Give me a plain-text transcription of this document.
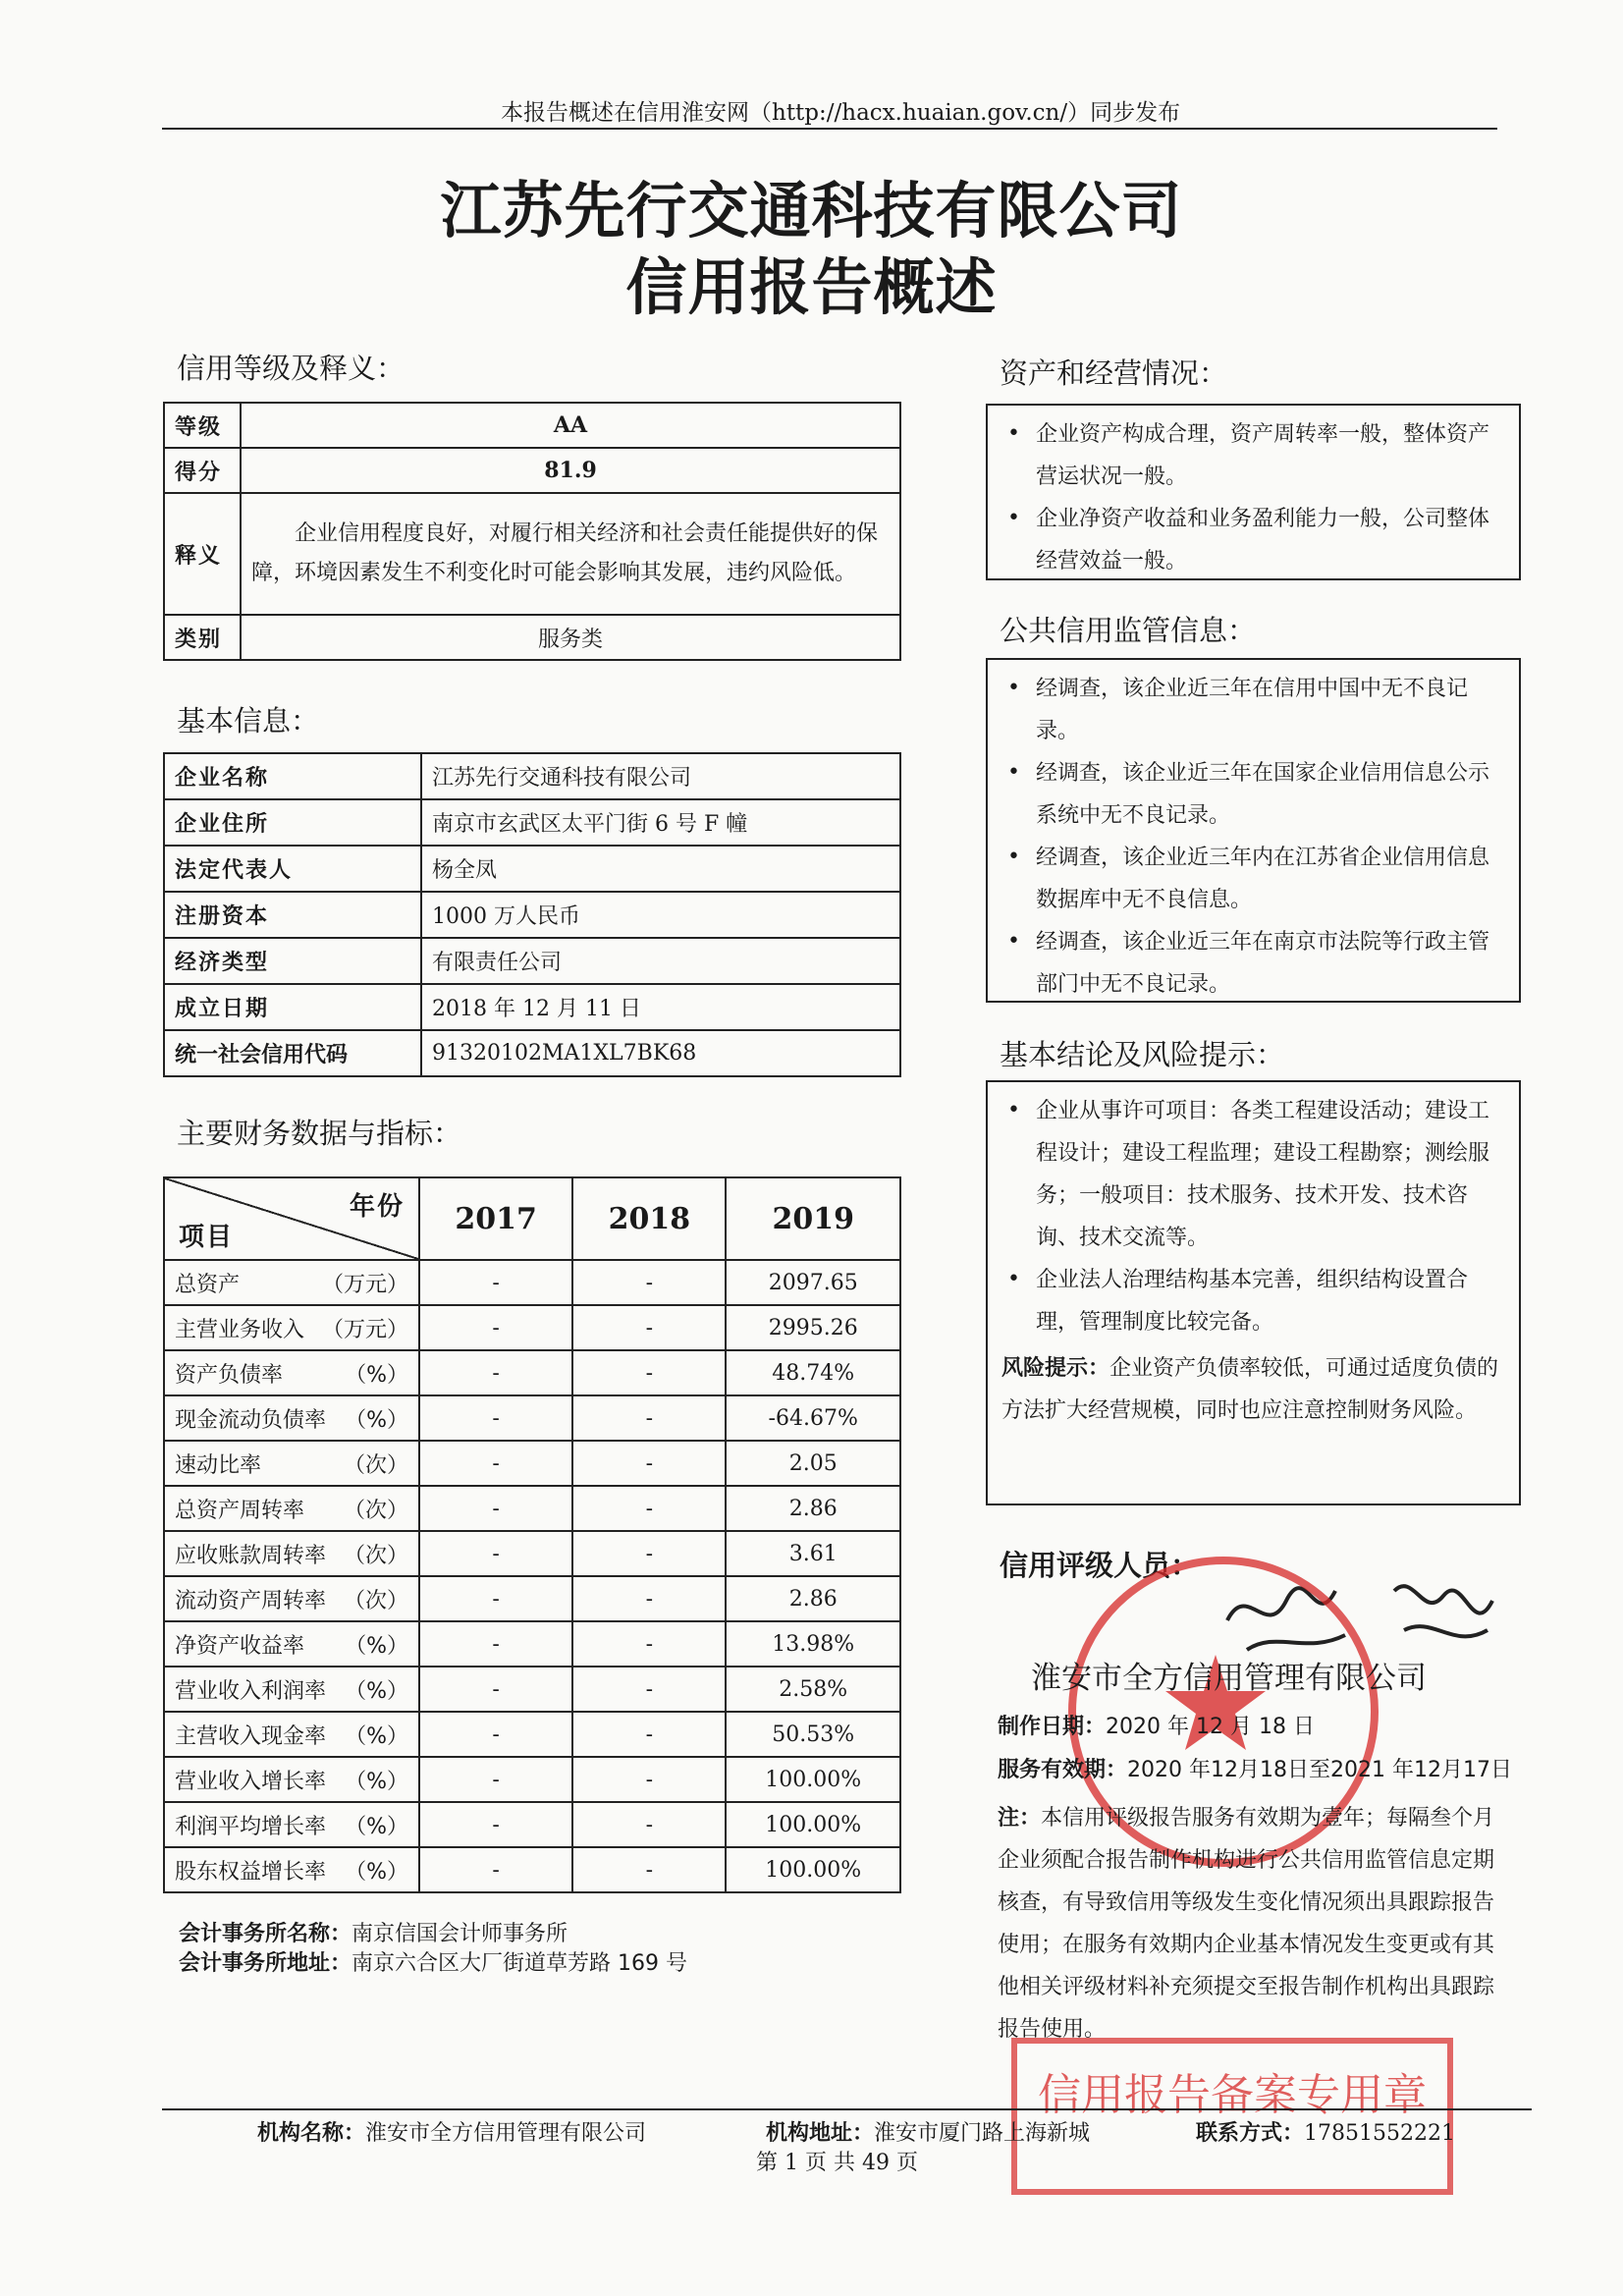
本报告概述在信用淮安网（http://hacx.huaian.gov.cn/）同步发布
江苏先行交通科技有限公司
信用报告概述
信用等级及释义：
等级	AA
得分	81.9
释义	企业信用程度良好，对履行相关经济和社会责任能提供好的保障，环境因素发生不利变化时可能会影响其发展，违约风险低。
类别	服务类
基本信息：
企业名称	江苏先行交通科技有限公司
企业住所	南京市玄武区太平门街 6 号 F 幢
法定代表人	杨全凤
注册资本	1000 万人民币
经济类型	有限责任公司
成立日期	2018 年 12 月 11 日
统一社会信用代码	91320102MA1XL7BK68
主要财务数据与指标：
年份
项目	2017	2018	2019
总资产 （万元）	-	-	2097.65
主营业务收入 （万元）	-	-	2995.26
资产负债率 （%）	-	-	48.74%
现金流动负债率 （%）	-	-	-64.67%
速动比率 （次）	-	-	2.05
总资产周转率 （次）	-	-	2.86
应收账款周转率 （次）	-	-	3.61
流动资产周转率 （次）	-	-	2.86
净资产收益率 （%）	-	-	13.98%
营业收入利润率 （%）	-	-	2.58%
主营收入现金率 （%）	-	-	50.53%
营业收入增长率 （%）	-	-	100.00%
利润平均增长率 （%）	-	-	100.00%
股东权益增长率 （%）	-	-	100.00%
会计事务所名称：南京信国会计师事务所
会计事务所地址：南京六合区大厂街道草芳路 169 号
资产和经营情况：
• 企业资产构成合理，资产周转率一般，整体资产营运状况一般。
• 企业净资产收益和业务盈利能力一般，公司整体经营效益一般。
公共信用监管信息：
• 经调查，该企业近三年在信用中国中无不良记录。
• 经调查，该企业近三年在国家企业信用信息公示系统中无不良记录。
• 经调查，该企业近三年内在江苏省企业信用信息数据库中无不良信息。
• 经调查，该企业近三年在南京市法院等行政主管部门中无不良记录。
基本结论及风险提示：
• 企业从事许可项目：各类工程建设活动；建设工程设计；建设工程监理；建设工程勘察；测绘服务；一般项目：技术服务、技术开发、技术咨询、技术交流等。
• 企业法人治理结构基本完善，组织结构设置合理，管理制度比较完备。
风险提示：企业资产负债率较低，可通过适度负债的方法扩大经营规模，同时也应注意控制财务风险。
信用评级人员：
淮安市全方信用管理有限公司
制作日期：2020 年 12 月 18 日
服务有效期：2020 年12月18日至2021 年12月17日
注：本信用评级报告服务有效期为壹年；每隔叁个月企业须配合报告制作机构进行公共信用监管信息定期核查，有导致信用等级发生变化情况须出具跟踪报告使用；在服务有效期内企业基本情况发生变更或有其他相关评级材料补充须提交至报告制作机构出具跟踪报告使用。
信用报告备案专用章
机构名称：淮安市全方信用管理有限公司	机构地址：淮安市厦门路上海新城	联系方式：17851552221
第 1 页 共 49 页
